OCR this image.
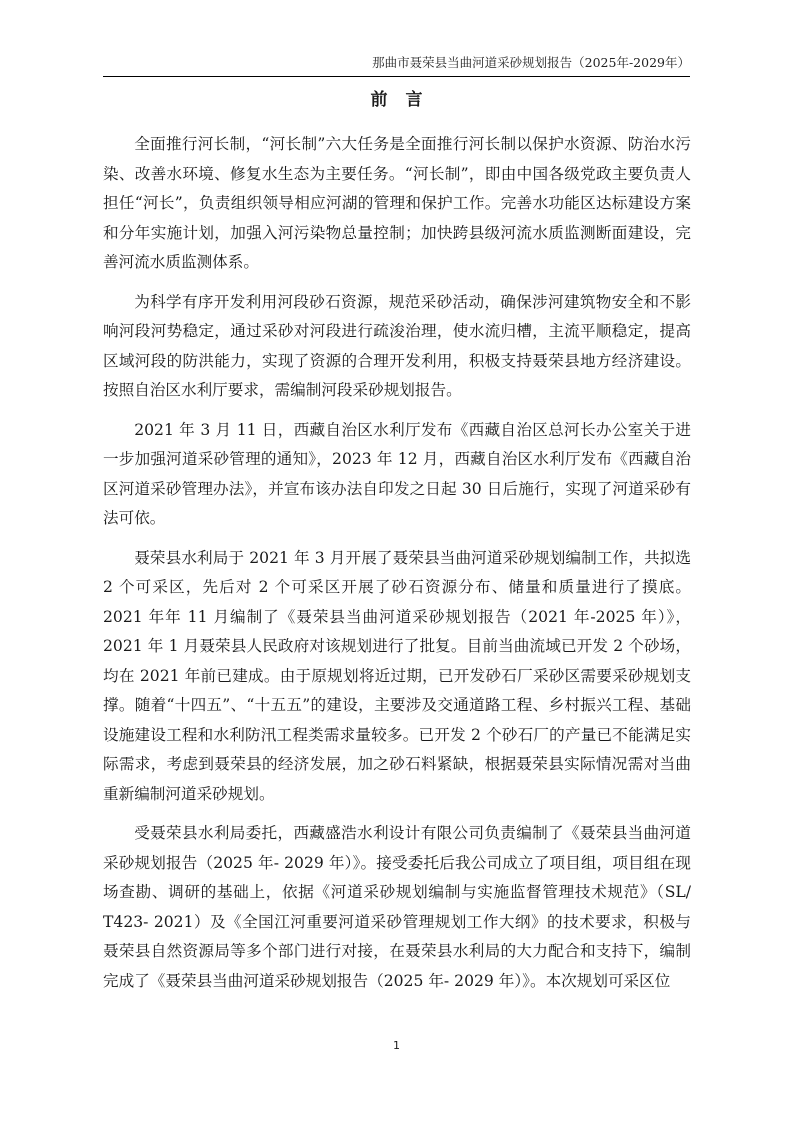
那曲市聂荣县当曲河道采砂规划报告（2025年-2029年）
前言

全面推行河长制，“河长制”六大任务是全面推行河长制以保护水资源、防治水污染、改善水环境、修复水生态为主要任务。“河长制”，即由中国各级党政主要负责人担任“河长”，负责组织领导相应河湖的管理和保护工作。完善水功能区达标建设方案和分年实施计划，加强入河污染物总量控制；加快跨县级河流水质监测断面建设，完善河流水质监测体系。

为科学有序开发利用河段砂石资源，规范采砂活动，确保涉河建筑物安全和不影响河段河势稳定，通过采砂对河段进行疏浚治理，使水流归槽，主流平顺稳定，提高区域河段的防洪能力，实现了资源的合理开发利用，积极支持聂荣县地方经济建设。按照自治区水利厅要求，需编制河段采砂规划报告。

2021 年 3 月 11 日，西藏自治区水利厅发布《西藏自治区总河长办公室关于进一步加强河道采砂管理的通知》，2023 年 12 月，西藏自治区水利厅发布《西藏自治区河道采砂管理办法》，并宣布该办法自印发之日起 30 日后施行，实现了河道采砂有法可依。

聂荣县水利局于 2021 年 3 月开展了聂荣县当曲河道采砂规划编制工作，共拟选 2 个可采区，先后对 2 个可采区开展了砂石资源分布、储量和质量进行了摸底。2021 年年 11 月编制了《聂荣县当曲河道采砂规划报告（2021 年-2025 年）》，2021 年 1 月聂荣县人民政府对该规划进行了批复。目前当曲流域已开发 2 个砂场，均在 2021 年前已建成。由于原规划将近过期，已开发砂石厂采砂区需要采砂规划支撑。随着“十四五”、“十五五”的建设，主要涉及交通道路工程、乡村振兴工程、基础设施建设工程和水利防汛工程类需求量较多。已开发 2 个砂石厂的产量已不能满足实际需求，考虑到聂荣县的经济发展，加之砂石料紧缺，根据聂荣县实际情况需对当曲重新编制河道采砂规划。

受聂荣县水利局委托，西藏盛浩水利设计有限公司负责编制了《聂荣县当曲河道采砂规划报告（2025 年- 2029 年）》。接受委托后我公司成立了项目组，项目组在现场查勘、调研的基础上，依据《河道采砂规划编制与实施监督管理技术规范》（SL/ T423- 2021）及《全国江河重要河道采砂管理规划工作大纲》的技术要求，积极与聂荣县自然资源局等多个部门进行对接，在聂荣县水利局的大力配合和支持下，编制完成了《聂荣县当曲河道采砂规划报告（2025 年- 2029 年）》。本次规划可采区位

1
